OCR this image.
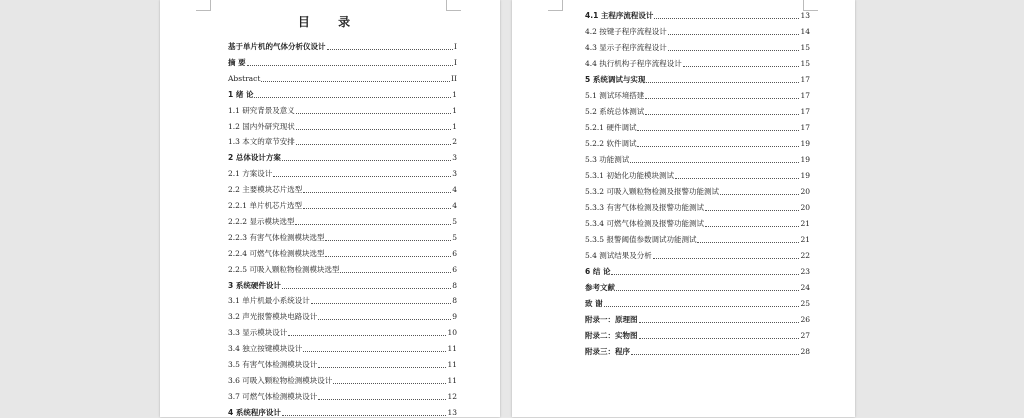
目 录
基于单片机的气体分析仪设计	I
摘 要	I
Abstract	II
1 绪 论	1
1.1 研究背景及意义	1
1.2 国内外研究现状	1
1.3 本文的章节安排	2
2 总体设计方案	3
2.1 方案设计	3
2.2 主要模块芯片选型	4
2.2.1 单片机芯片选型	4
2.2.2 显示模块选型	5
2.2.3 有害气体检测模块选型	5
2.2.4 可燃气体检测模块选型	6
2.2.5 可吸入颗粒物检测模块选型	6
3 系统硬件设计	8
3.1 单片机最小系统设计	8
3.2 声光报警模块电路设计	9
3.3 显示模块设计	10
3.4 独立按键模块设计	11
3.5 有害气体检测模块设计	11
3.6 可吸入颗粒物检测模块设计	11
3.7 可燃气体检测模块设计	12
4 系统程序设计	13
4.1 主程序流程设计	13
4.2 按键子程序流程设计	14
4.3 显示子程序流程设计	15
4.4 执行机构子程序流程设计	15
5 系统调试与实现	17
5.1 测试环境搭建	17
5.2 系统总体测试	17
5.2.1 硬件调试	17
5.2.2 软件调试	19
5.3 功能测试	19
5.3.1 初始化功能模块测试	19
5.3.2 可吸入颗粒物检测及报警功能测试	20
5.3.3 有害气体检测及报警功能测试	20
5.3.4 可燃气体检测及报警功能测试	21
5.3.5 报警阈值参数调试功能测试	21
5.4 测试结果及分析	22
6 结 论	23
参考文献	24
致 谢	25
附录一：原理图	26
附录二：实物图	27
附录三：程序	28
